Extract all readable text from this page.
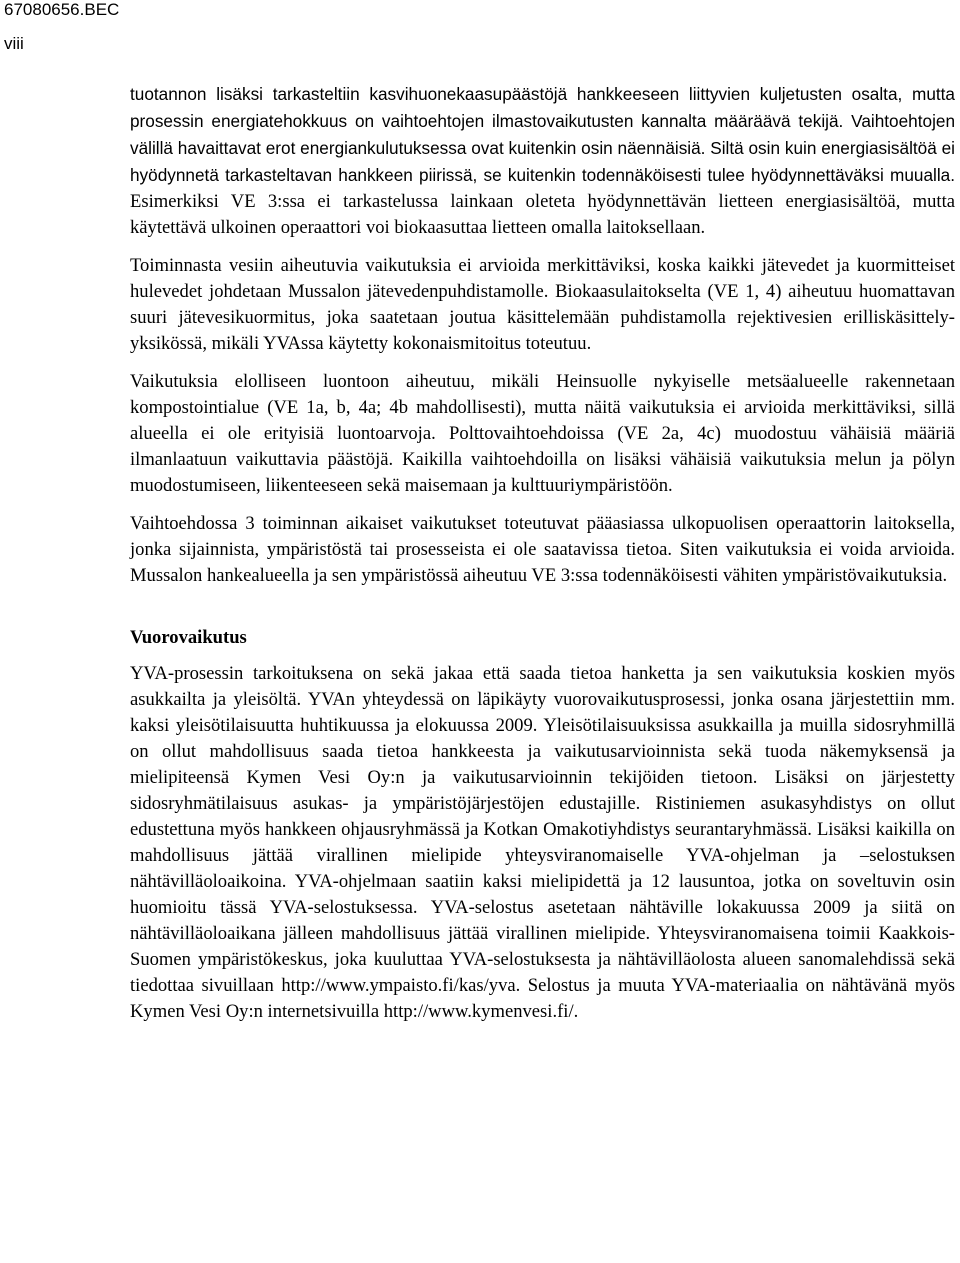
67080656.BEC
viii

tuotannon lisäksi tarkasteltiin kasvihuonekaasupäästöjä hankkeeseen liittyvien kuljetusten osalta, mutta prosessin energiatehokkuus on vaihtoehtojen ilmastovaikutusten kannalta määräävä tekijä. Vaihtoehtojen välillä havaittavat erot energiankulutuksessa ovat kuitenkin osin näennäisiä. Siltä osin kuin energiasisältöä ei hyödynnetä tarkasteltavan hankkeen piirissä, se kuitenkin todennäköisesti tulee hyödynnettäväksi muualla. Esimerkiksi VE 3:ssa ei tarkastelussa lainkaan oleteta hyödynnettävän lietteen energiasisältöä, mutta käytettävä ulkoinen operaattori voi biokaasuttaa lietteen omalla laitoksellaan.

Toiminnasta vesiin aiheutuvia vaikutuksia ei arvioida merkittäviksi, koska kaikki jätevedet ja kuormitteiset hulevedet johdetaan Mussalon jätevedenpuhdistamolle. Biokaasulaitokselta (VE 1, 4) aiheutuu huomattavan suuri jätevesikuormitus, joka saatetaan joutua käsittelemään puhdistamolla rejektivesien erilliskäsittely-yksikössä, mikäli YVAssa käytetty kokonaismitoitus toteutuu.

Vaikutuksia elolliseen luontoon aiheutuu, mikäli Heinsuolle nykyiselle metsäalueelle rakennetaan kompostointialue (VE 1a, b, 4a; 4b mahdollisesti), mutta näitä vaikutuksia ei arvioida merkittäviksi, sillä alueella ei ole erityisiä luontoarvoja. Polttovaihtoehdoissa (VE 2a, 4c) muodostuu vähäisiä määriä ilmanlaatuun vaikuttavia päästöjä. Kaikilla vaihtoehdoilla on lisäksi vähäisiä vaikutuksia melun ja pölyn muodostumiseen, liikenteeseen sekä maisemaan ja kulttuuriympäristöön.

Vaihtoehdossa 3 toiminnan aikaiset vaikutukset toteutuvat pääasiassa ulkopuolisen operaattorin laitoksella, jonka sijainnista, ympäristöstä tai prosesseista ei ole saatavissa tietoa. Siten vaikutuksia ei voida arvioida. Mussalon hankealueella ja sen ympäristössä aiheutuu VE 3:ssa todennäköisesti vähiten ympäristövaikutuksia.

Vuorovaikutus

YVA-prosessin tarkoituksena on sekä jakaa että saada tietoa hanketta ja sen vaikutuksia koskien myös asukkailta ja yleisöltä. YVAn yhteydessä on läpikäyty vuorovaikutusprosessi, jonka osana järjestettiin mm. kaksi yleisötilaisuutta huhtikuussa ja elokuussa 2009. Yleisötilaisuuksissa asukkailla ja muilla sidosryhmillä on ollut mahdollisuus saada tietoa hankkeesta ja vaikutusarvioinnista sekä tuoda näkemyksensä ja mielipiteensä Kymen Vesi Oy:n ja vaikutusarvioinnin tekijöiden tietoon. Lisäksi on järjestetty sidosryhmätilaisuus asukas- ja ympäristöjärjestöjen edustajille. Ristiniemen asukasyhdistys on ollut edustettuna myös hankkeen ohjausryhmässä ja Kotkan Omakotiyhdistys seurantaryhmässä. Lisäksi kaikilla on mahdollisuus jättää virallinen mielipide yhteysviranomaiselle YVA-ohjelman ja –selostuksen nähtävilläoloaikoina. YVA-ohjelmaan saatiin kaksi mielipidettä ja 12 lausuntoa, jotka on soveltuvin osin huomioitu tässä YVA-selostuksessa. YVA-selostus asetetaan nähtäville lokakuussa 2009 ja siitä on nähtävilläoloaikana jälleen mahdollisuus jättää virallinen mielipide. Yhteysviranomaisena toimii Kaakkois-Suomen ympäristökeskus, joka kuuluttaa YVA-selostuksesta ja nähtävilläolosta alueen sanomalehdissä sekä tiedottaa sivuillaan http://www.ympaisto.fi/kas/yva. Selostus ja muuta YVA-materiaalia on nähtävänä myös Kymen Vesi Oy:n internetsivuilla http://www.kymenvesi.fi/.
